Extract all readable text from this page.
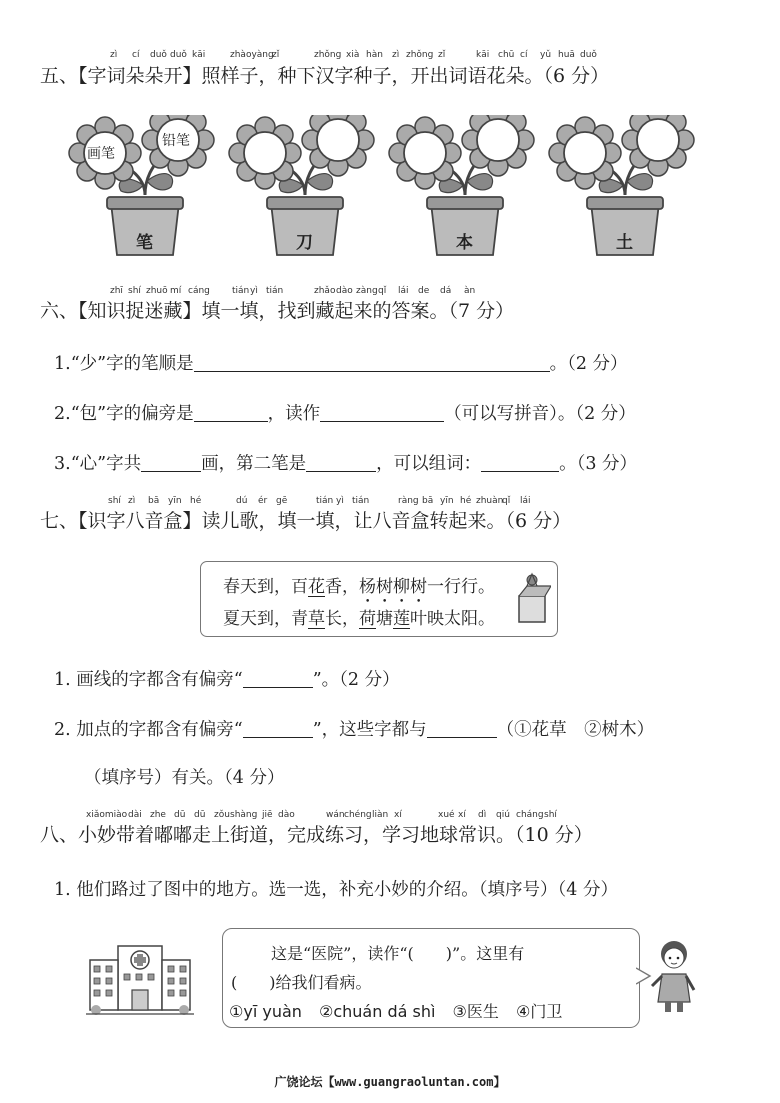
zì cí duǒ duǒ kāi	zhàoyàng
zǐ	zhǒng xià hàn zì zhǒng zǐ	kāi chū cí yǔ huā duǒ
五、【字词朵朵开】照样子，种下汉字种子，开出词语花朵。（6 分）
画笔
铅笔
笔	刀	本	土
zhī shí zhuō mí cáng tián yì tián	zhǎo dào zàng qǐ lái de dá àn
六、【知识捉迷藏】填一填，找到藏起来的答案。（7 分）
1.“少”字的笔顺是	。（2 分）
2.“包”字的偏旁是	，读作	（可以写拼音）。（2 分）
3.“心”字共	画，第二笔是	，可以组词：	。（3 分）
shí zì bā yīn hé	dú ér gē	tián yì tián	ràng bā yīn hé zhuàn
qǐ lái
七、【识字八音盒】读儿歌，填一填，让八音盒转起来。（6 分）
春天到，百花香，杨树柳树一行行。
夏天到，青草长，荷塘莲叶映太阳。
1. 画线的字都含有偏旁“	”。（2 分）
2. 加点的字都含有偏旁“	”，这些字都与	（①花草　②树木）
（填序号）有关。（4 分）
xiǎomiào dài zhe dū dū zǒu shàng jiē dào	wán chéng liàn xí	xué xí dì qiú cháng shí
八、小妙带着嘟嘟走上街道，完成练习，学习地球常识。（10 分）
1. 他们路过了图中的地方。选一选，补充小妙的介绍。（填序号）（4 分）
这是“医院”，读作“(　　)”。这里有
(　　)给我们看病。
①yī yuàn ②chuán dá shì ③医生 ④门卫
广饶论坛【www.guangraoluntan.com】
